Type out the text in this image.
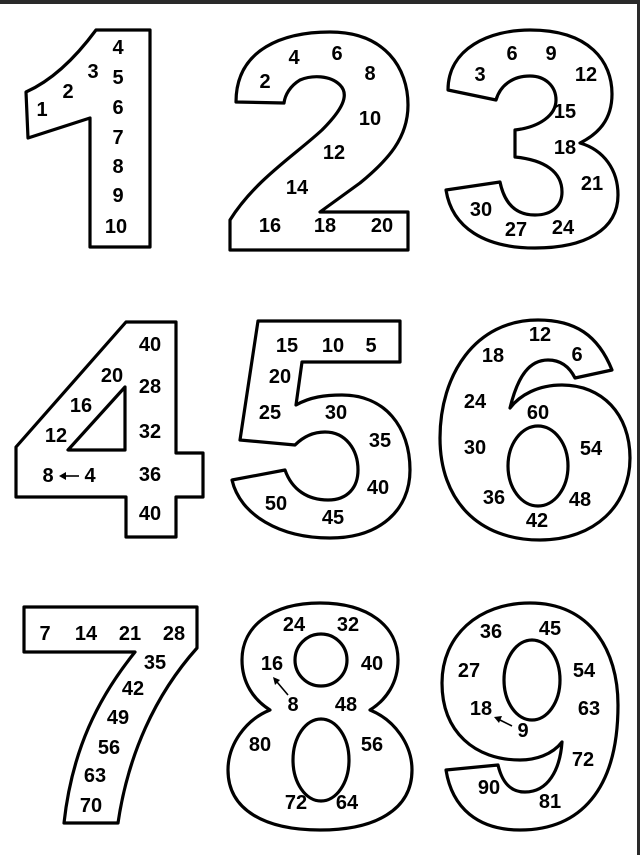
1
2
3
4
5
6
7
8
9
10
2
4 6
8
10
12
14
16 18 20
3
6 9
12
15
18
21
24
27
30
40
20 28
16
32
12
8 4 36
40
15 10 5
20
25 30
35
40
45
50
12
6
18
24 60
30	54
36	48
42
7 14 21 28
35
42
49
56
63
70
24 32
16	40
8 48
80	56
72 64
36 45
27	54
18	63
9
72
90
81
